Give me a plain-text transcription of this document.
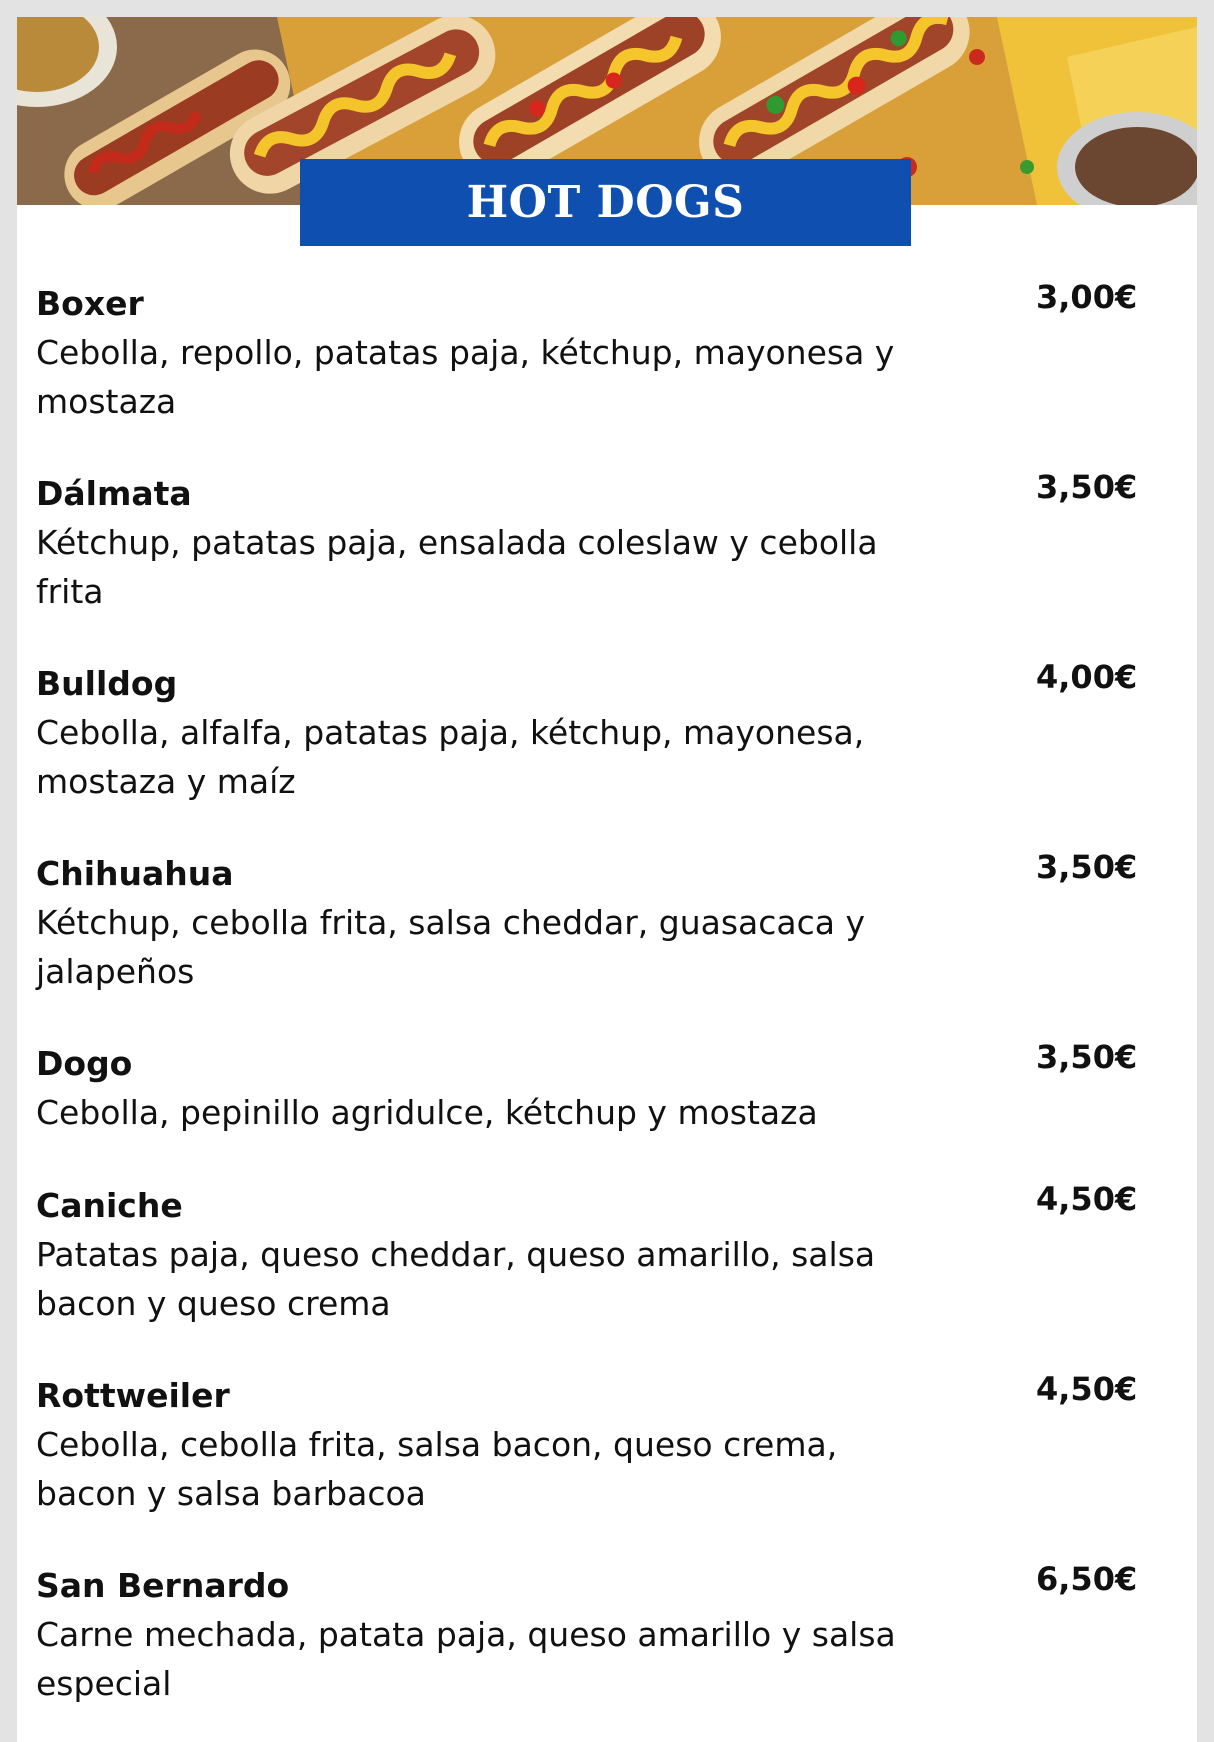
HOT DOGS

Boxer

Cebolla, repollo, patatas paja, kétchup, mayonesa y mostaza

3,00€

Dálmata

Kétchup, patatas paja, ensalada coleslaw y cebolla frita

3,50€

Bulldog

Cebolla, alfalfa, patatas paja, kétchup, mayonesa, mostaza y maíz

4,00€

Chihuahua

Kétchup, cebolla frita, salsa cheddar, guasacaca y jalapeños

3,50€

Dogo

Cebolla, pepinillo agridulce, kétchup y mostaza

3,50€

Caniche

Patatas paja, queso cheddar, queso amarillo, salsa bacon y queso crema

4,50€

Rottweiler

Cebolla, cebolla frita, salsa bacon, queso crema, bacon y salsa barbacoa

4,50€

San Bernardo

Carne mechada, patata paja, queso amarillo y salsa especial

6,50€
